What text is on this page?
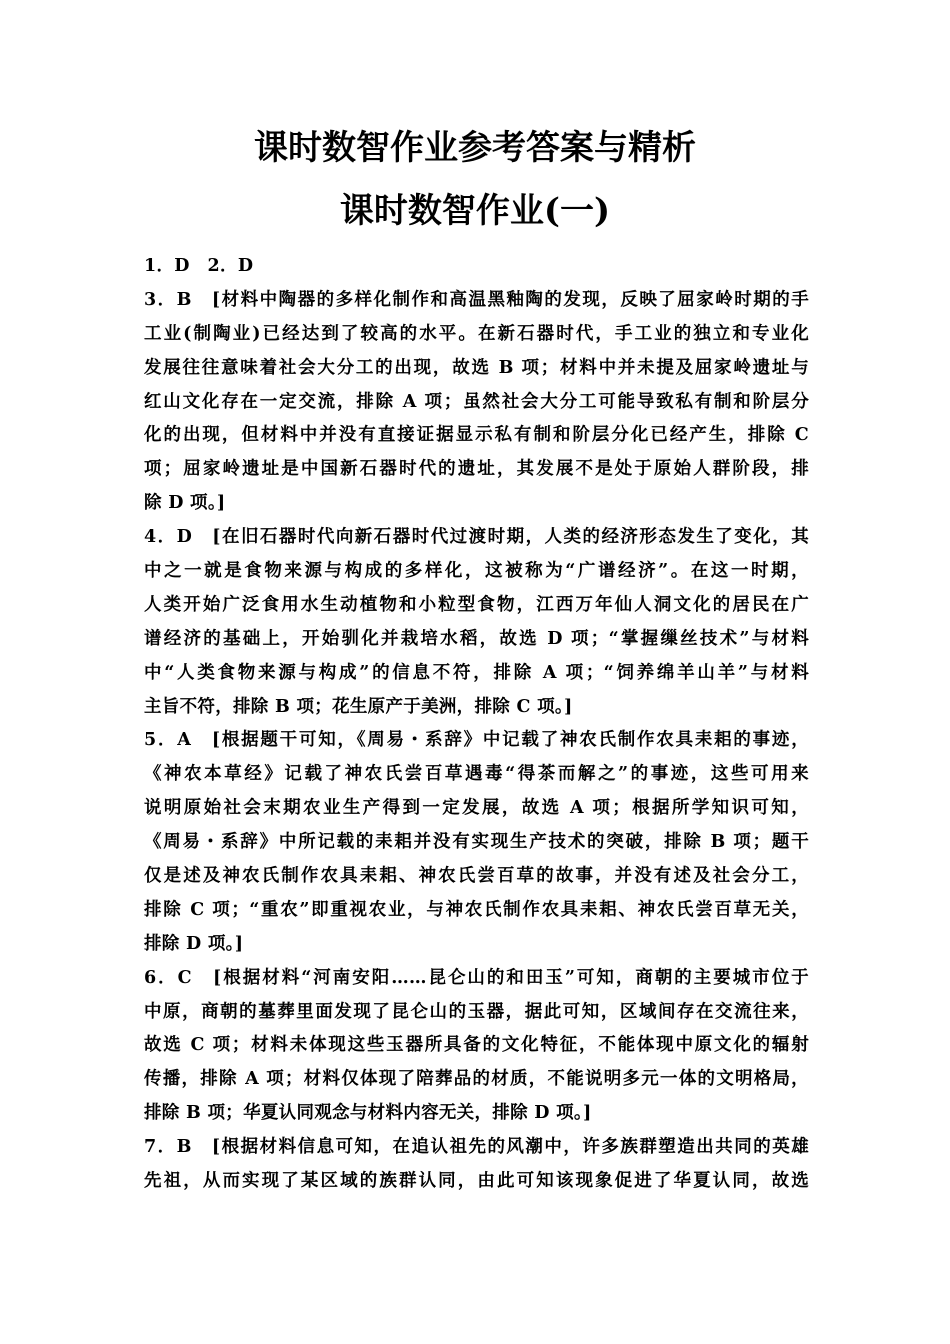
课时数智作业参考答案与精析
课时数智作业(一)
1．D　2．D
3．B　[材料中陶器的多样化制作和高温黑釉陶的发现，反映了屈家岭时期的手
工业(制陶业)已经达到了较高的水平。在新石器时代，手工业的独立和专业化
发展往往意味着社会大分工的出现，故选 B 项；材料中并未提及屈家岭遗址与
红山文化存在一定交流，排除 A 项；虽然社会大分工可能导致私有制和阶层分
化的出现，但材料中并没有直接证据显示私有制和阶层分化已经产生，排除 C
项；屈家岭遗址是中国新石器时代的遗址，其发展不是处于原始人群阶段，排
除 D 项。]
4．D　[在旧石器时代向新石器时代过渡时期，人类的经济形态发生了变化，其
中之一就是食物来源与构成的多样化，这被称为“广谱经济”。在这一时期，
人类开始广泛食用水生动植物和小粒型食物，江西万年仙人洞文化的居民在广
谱经济的基础上，开始驯化并栽培水稻，故选 D 项；“掌握缫丝技术”与材料
中“人类食物来源与构成”的信息不符，排除 A 项；“饲养绵羊山羊”与材料
主旨不符，排除 B 项；花生原产于美洲，排除 C 项。]
5．A　[根据题干可知，《周易・系辞》中记载了神农氏制作农具耒耜的事迹，
《神农本草经》记载了神农氏尝百草遇毒“得茶而解之”的事迹，这些可用来
说明原始社会末期农业生产得到一定发展，故选 A 项；根据所学知识可知，
《周易・系辞》中所记载的耒耜并没有实现生产技术的突破，排除 B 项；题干
仅是述及神农氏制作农具耒耜、神农氏尝百草的故事，并没有述及社会分工，
排除 C 项；“重农”即重视农业，与神农氏制作农具耒耜、神农氏尝百草无关，
排除 D 项。]
6．C　[根据材料“河南安阳……昆仑山的和田玉”可知，商朝的主要城市位于
中原，商朝的墓葬里面发现了昆仑山的玉器，据此可知，区域间存在交流往来，
故选 C 项；材料未体现这些玉器所具备的文化特征，不能体现中原文化的辐射
传播，排除 A 项；材料仅体现了陪葬品的材质，不能说明多元一体的文明格局，
排除 B 项；华夏认同观念与材料内容无关，排除 D 项。]
7．B　[根据材料信息可知，在追认祖先的风潮中，许多族群塑造出共同的英雄
先祖，从而实现了某区域的族群认同，由此可知该现象促进了华夏认同，故选
